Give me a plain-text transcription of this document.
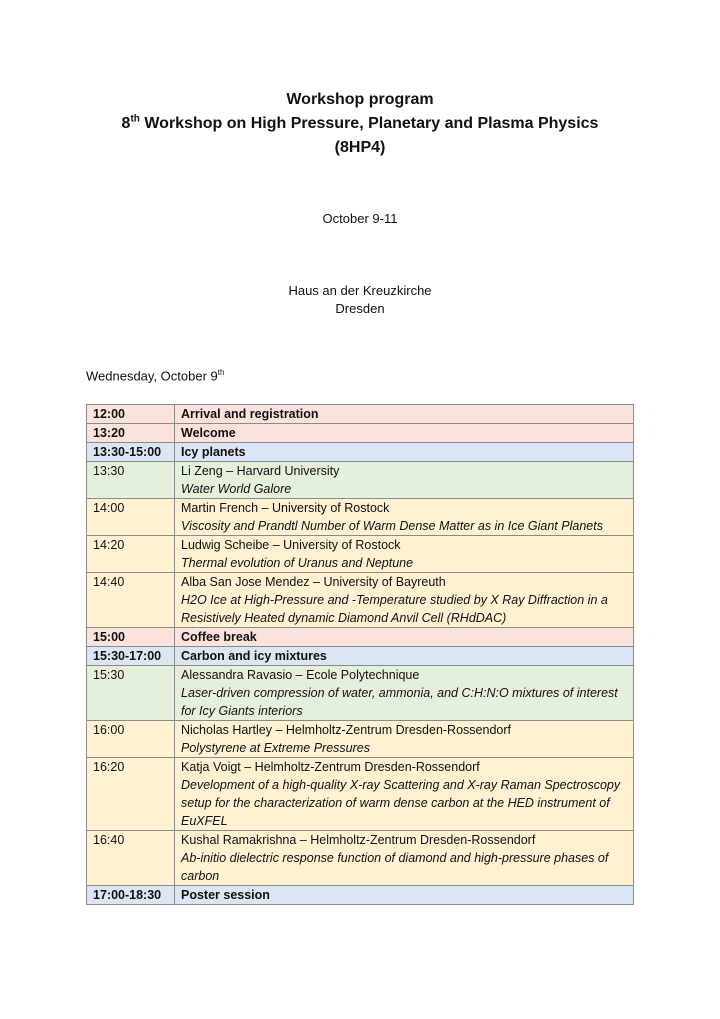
Workshop program
8th Workshop on High Pressure, Planetary and Plasma Physics
(8HP4)
October 9-11
Haus an der Kreuzkirche
Dresden
Wednesday, October 9th
12:00	Arrival and registration
13:20	Welcome
13:30-15:00	Icy planets
13:30	Li Zeng – Harvard University
Water World Galore

14:00	Martin French – University of Rostock
Viscosity and Prandtl Number of Warm Dense Matter as in Ice Giant Planets

14:20	Ludwig Scheibe – University of Rostock
Thermal evolution of Uranus and Neptune

14:40	Alba San Jose Mendez – University of Bayreuth
H2O Ice at High-Pressure and -Temperature studied by X Ray Diffraction in a Resistively Heated dynamic Diamond Anvil Cell (RHdDAC)

15:00	Coffee break
15:30-17:00	Carbon and icy mixtures
15:30	Alessandra Ravasio – Ecole Polytechnique
Laser-driven compression of water, ammonia, and C:H:N:O mixtures of interest for Icy Giants interiors

16:00	Nicholas Hartley – Helmholtz-Zentrum Dresden-Rossendorf
Polystyrene at Extreme Pressures

16:20	Katja Voigt – Helmholtz-Zentrum Dresden-Rossendorf
Development of a high-quality X-ray Scattering and X-ray Raman Spectroscopy setup for the characterization of warm dense carbon at the HED instrument of EuXFEL

16:40	Kushal Ramakrishna – Helmholtz-Zentrum Dresden-Rossendorf
Ab-initio dielectric response function of diamond and high-pressure phases of carbon

17:00-18:30	Poster session
